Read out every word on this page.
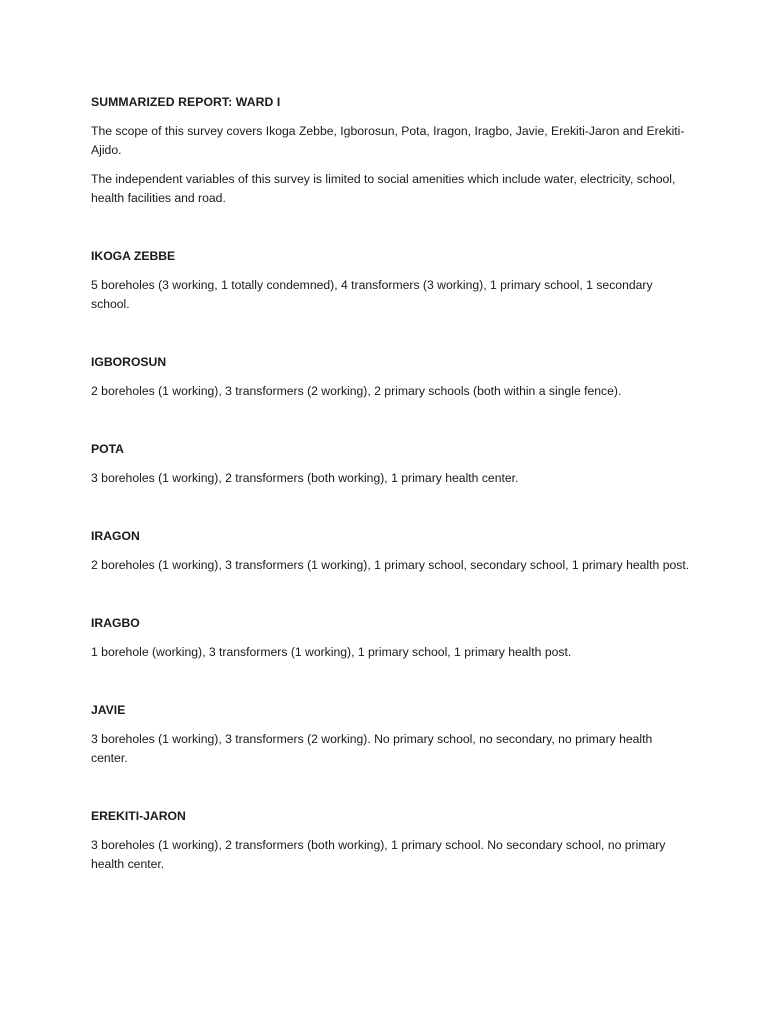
SUMMARIZED REPORT: WARD I

The scope of this survey covers Ikoga Zebbe, Igborosun, Pota, Iragon, Iragbo, Javie, Erekiti-Jaron and Erekiti-Ajido.

The independent variables of this survey is limited to social amenities which include water, electricity, school, health facilities and road.

IKOGA ZEBBE

5 boreholes (3 working, 1 totally condemned), 4 transformers (3 working), 1 primary school, 1 secondary school.

IGBOROSUN

2 boreholes (1 working), 3 transformers (2 working), 2 primary schools (both within a single fence).

POTA

3 boreholes (1 working), 2 transformers (both working), 1 primary health center.

IRAGON

2 boreholes (1 working), 3 transformers (1 working), 1 primary school, secondary school, 1 primary health post.

IRAGBO

1 borehole (working), 3 transformers (1 working), 1 primary school, 1 primary health post.

JAVIE

3 boreholes (1 working), 3 transformers (2 working). No primary school, no secondary, no primary health center.

EREKITI-JARON

3 boreholes (1 working), 2 transformers (both working), 1 primary school. No secondary school, no primary health center.
